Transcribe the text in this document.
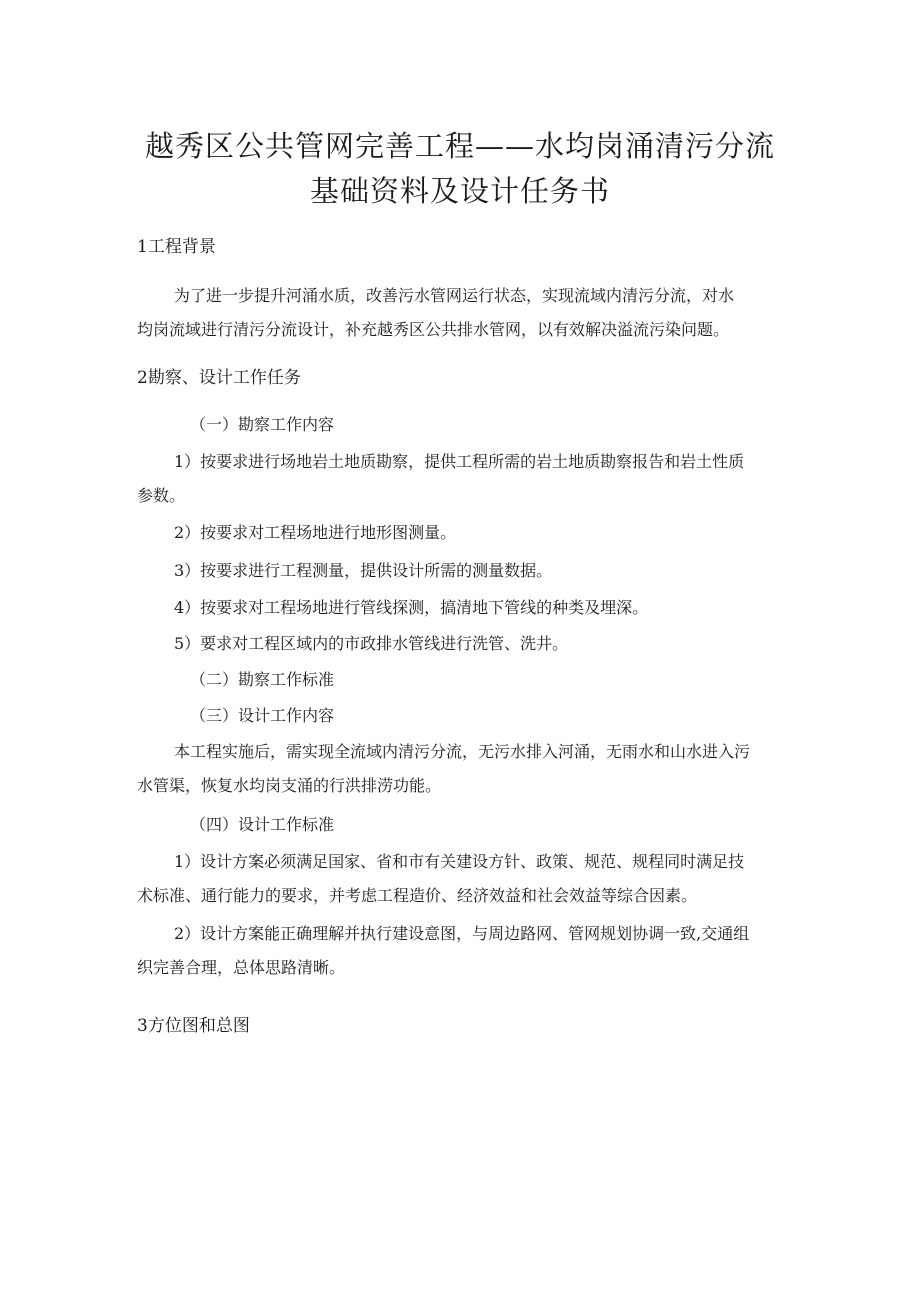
越秀区公共管网完善工程——水均岗涌清污分流
基础资料及设计任务书
1工程背景

为了进一步提升河涌水质，改善污水管网运行状态，实现流域内清污分流，对水

均岗流域进行清污分流设计，补充越秀区公共排水管网，以有效解决溢流污染问题。

2勘察、设计工作任务

（一）勘察工作内容

1）按要求进行场地岩土地质勘察，提供工程所需的岩土地质勘察报告和岩土性质

参数。

2）按要求对工程场地进行地形图测量。

3）按要求进行工程测量，提供设计所需的测量数据。

4）按要求对工程场地进行管线探测，搞清地下管线的种类及埋深。

5）要求对工程区域内的市政排水管线进行洗管、洗井。

（二）勘察工作标准

（三）设计工作内容

本工程实施后，需实现全流域内清污分流，无污水排入河涌，无雨水和山水进入污

水管渠，恢复水均岗支涌的行洪排涝功能。

（四）设计工作标准

1）设计方案必须满足国家、省和市有关建设方针、政策、规范、规程同时满足技

术标准、通行能力的要求，并考虑工程造价、经济效益和社会效益等综合因素。

2）设计方案能正确理解并执行建设意图，与周边路网、管网规划协调一致,交通组

织完善合理，总体思路清晰。

3方位图和总图
